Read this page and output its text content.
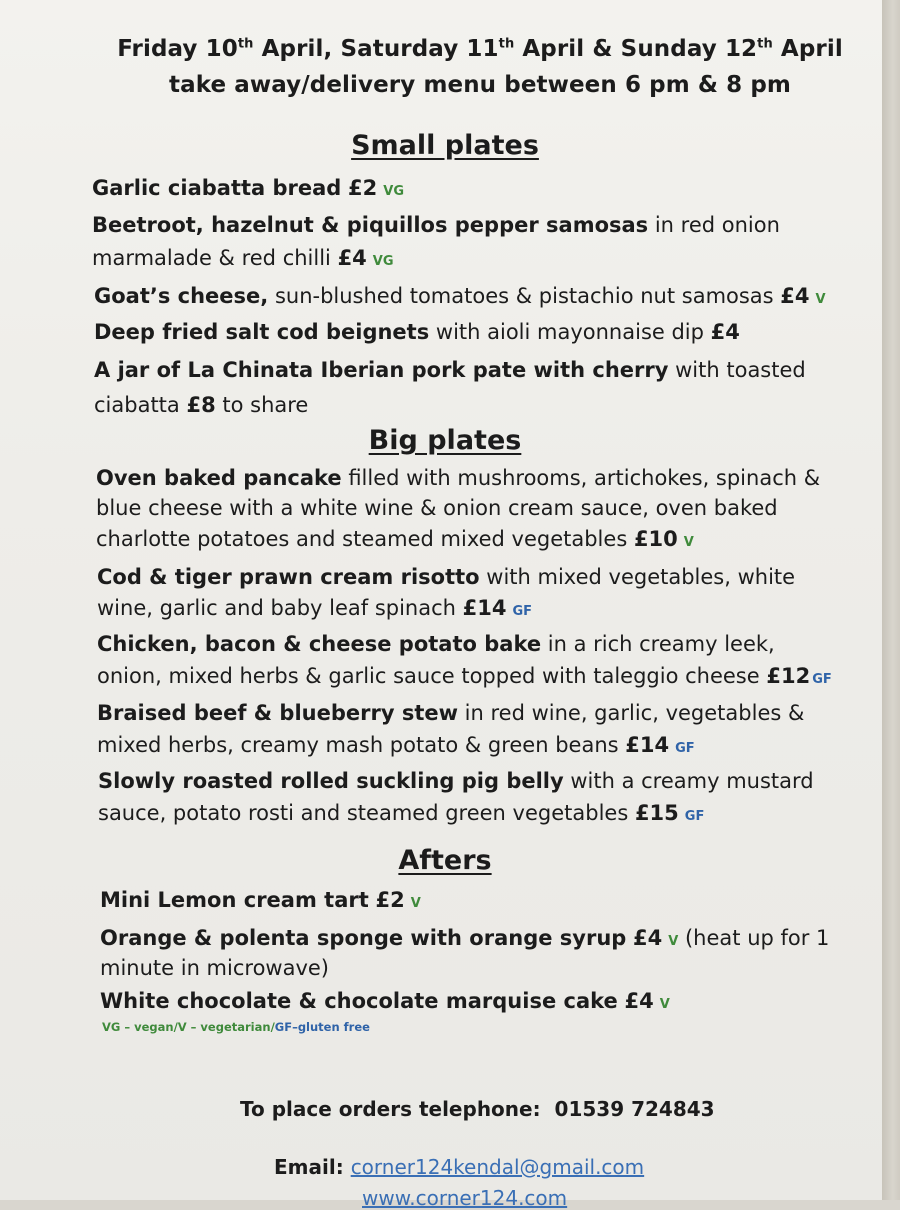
Friday 10th April, Saturday 11th April & Sunday 12th April
take away/delivery menu between 6 pm & 8 pm
Small plates
Garlic ciabatta bread £2 VG
Beetroot, hazelnut & piquillos pepper samosas in red onion
marmalade & red chilli £4 VG
Goat’s cheese, sun-blushed tomatoes & pistachio nut samosas £4 V
Deep fried salt cod beignets with aioli mayonnaise dip £4
A jar of La Chinata Iberian pork pate with cherry with toasted
ciabatta £8 to share
Big plates
Oven baked pancake filled with mushrooms, artichokes, spinach &
blue cheese with a white wine & onion cream sauce, oven baked
charlotte potatoes and steamed mixed vegetables £10 V
Cod & tiger prawn cream risotto with mixed vegetables, white
wine, garlic and baby leaf spinach £14 GF
Chicken, bacon & cheese potato bake in a rich creamy leek,
onion, mixed herbs & garlic sauce topped with taleggio cheese £12 GF
Braised beef & blueberry stew in red wine, garlic, vegetables &
mixed herbs, creamy mash potato & green beans £14 GF
Slowly roasted rolled suckling pig belly with a creamy mustard
sauce, potato rosti and steamed green vegetables £15 GF
Afters
Mini Lemon cream tart £2 V
Orange & polenta sponge with orange syrup £4 V (heat up for 1
minute in microwave)
White chocolate & chocolate marquise cake £4 V
VG – vegan/V – vegetarian/GF–gluten free
To place orders telephone: 01539 724843
Email: corner124kendal@gmail.com
www.corner124.com
